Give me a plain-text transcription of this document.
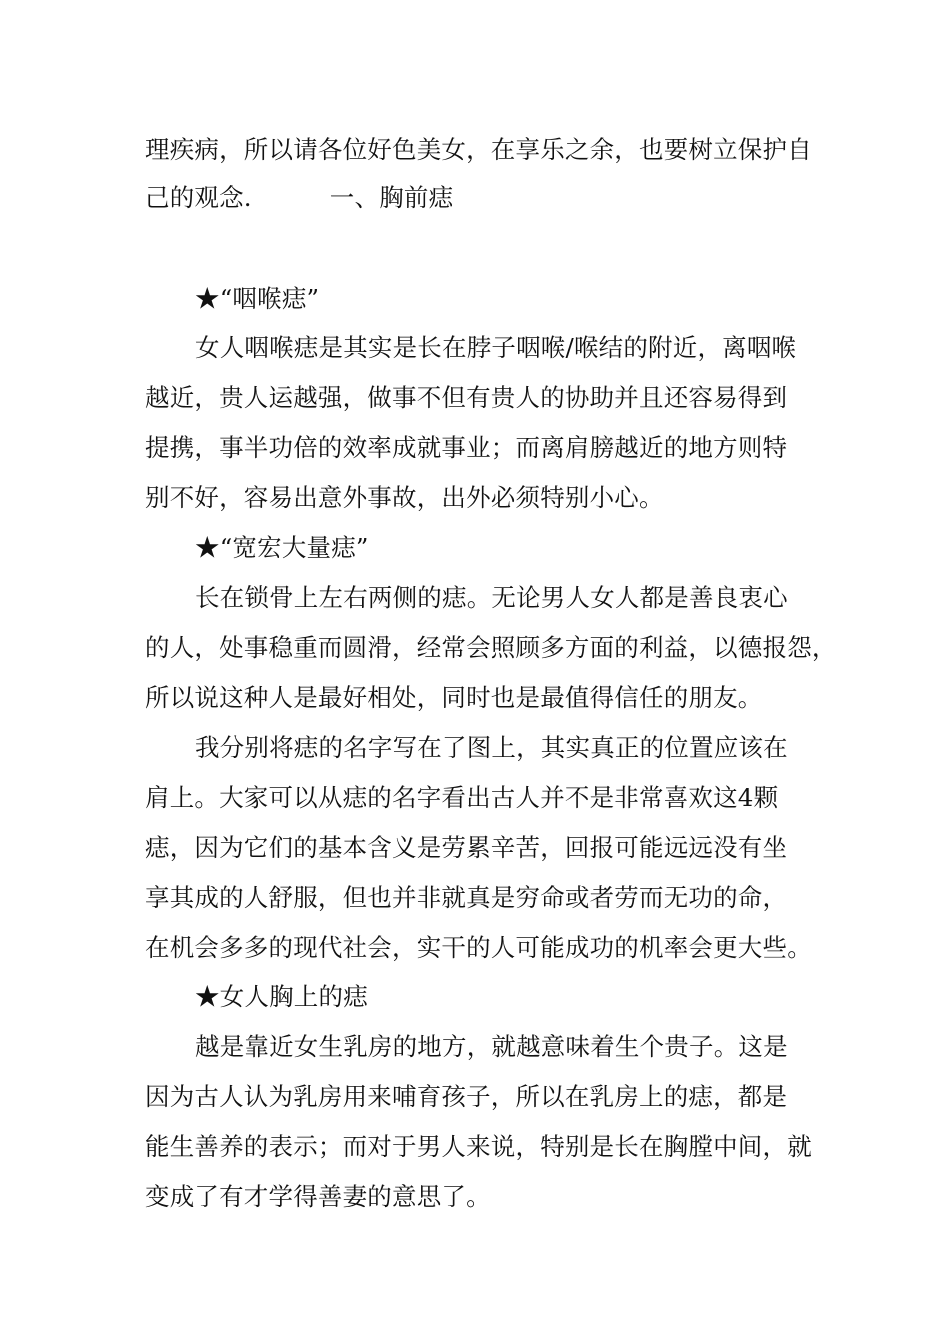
理疾病，所以请各位好色美女，在享乐之余，也要树立保护自
己的观念.	一、胸前痣
★“咽喉痣”
女人咽喉痣是其实是长在脖子咽喉/喉结的附近，离咽喉
越近，贵人运越强，做事不但有贵人的协助并且还容易得到
提携，事半功倍的效率成就事业；而离肩膀越近的地方则特
别不好，容易出意外事故，出外必须特别小心。
★“宽宏大量痣”
长在锁骨上左右两侧的痣。无论男人女人都是善良衷心
的人，处事稳重而圆滑，经常会照顾多方面的利益，以德报怨，
所以说这种人是最好相处，同时也是最值得信任的朋友。
我分别将痣的名字写在了图上，其实真正的位置应该在
肩上。大家可以从痣的名字看出古人并不是非常喜欢这4颗
痣，因为它们的基本含义是劳累辛苦，回报可能远远没有坐
享其成的人舒服，但也并非就真是穷命或者劳而无功的命，
在机会多多的现代社会，实干的人可能成功的机率会更大些。
★女人胸上的痣
越是靠近女生乳房的地方，就越意味着生个贵子。这是
因为古人认为乳房用来哺育孩子，所以在乳房上的痣，都是
能生善养的表示；而对于男人来说，特别是长在胸膛中间，就
变成了有才学得善妻的意思了。
